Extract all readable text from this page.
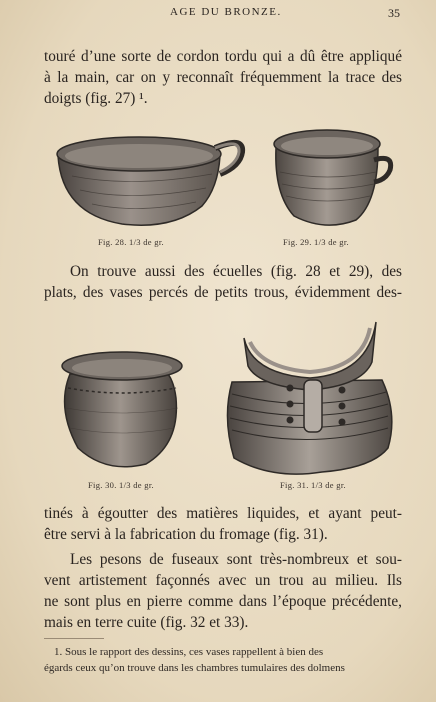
AGE DU BRONZE.	35
touré d’une sorte de cordon tordu qui a dû être appliqué
à la main, car on y reconnaît fréquemment la trace des
doigts (fig. 27) ¹.
Fig. 28. 1/3 de gr.	Fig. 29. 1/3 de gr.
On trouve aussi des écuelles (fig. 28 et 29), des
plats, des vases percés de petits trous, évidemment des-
Fig. 30. 1/3 de gr.	Fig. 31. 1/3 de gr.
tinés à égoutter des matières liquides, et ayant peut-
être servi à la fabrication du fromage (fig. 31).
Les pesons de fuseaux sont très-nombreux et sou-
vent artistement façonnés avec un trou au milieu. Ils
ne sont plus en pierre comme dans l’époque précédente,
mais en terre cuite (fig. 32 et 33).
1. Sous le rapport des dessins, ces vases rappellent à bien des
égards ceux qu’on trouve dans les chambres tumulaires des dolmens
